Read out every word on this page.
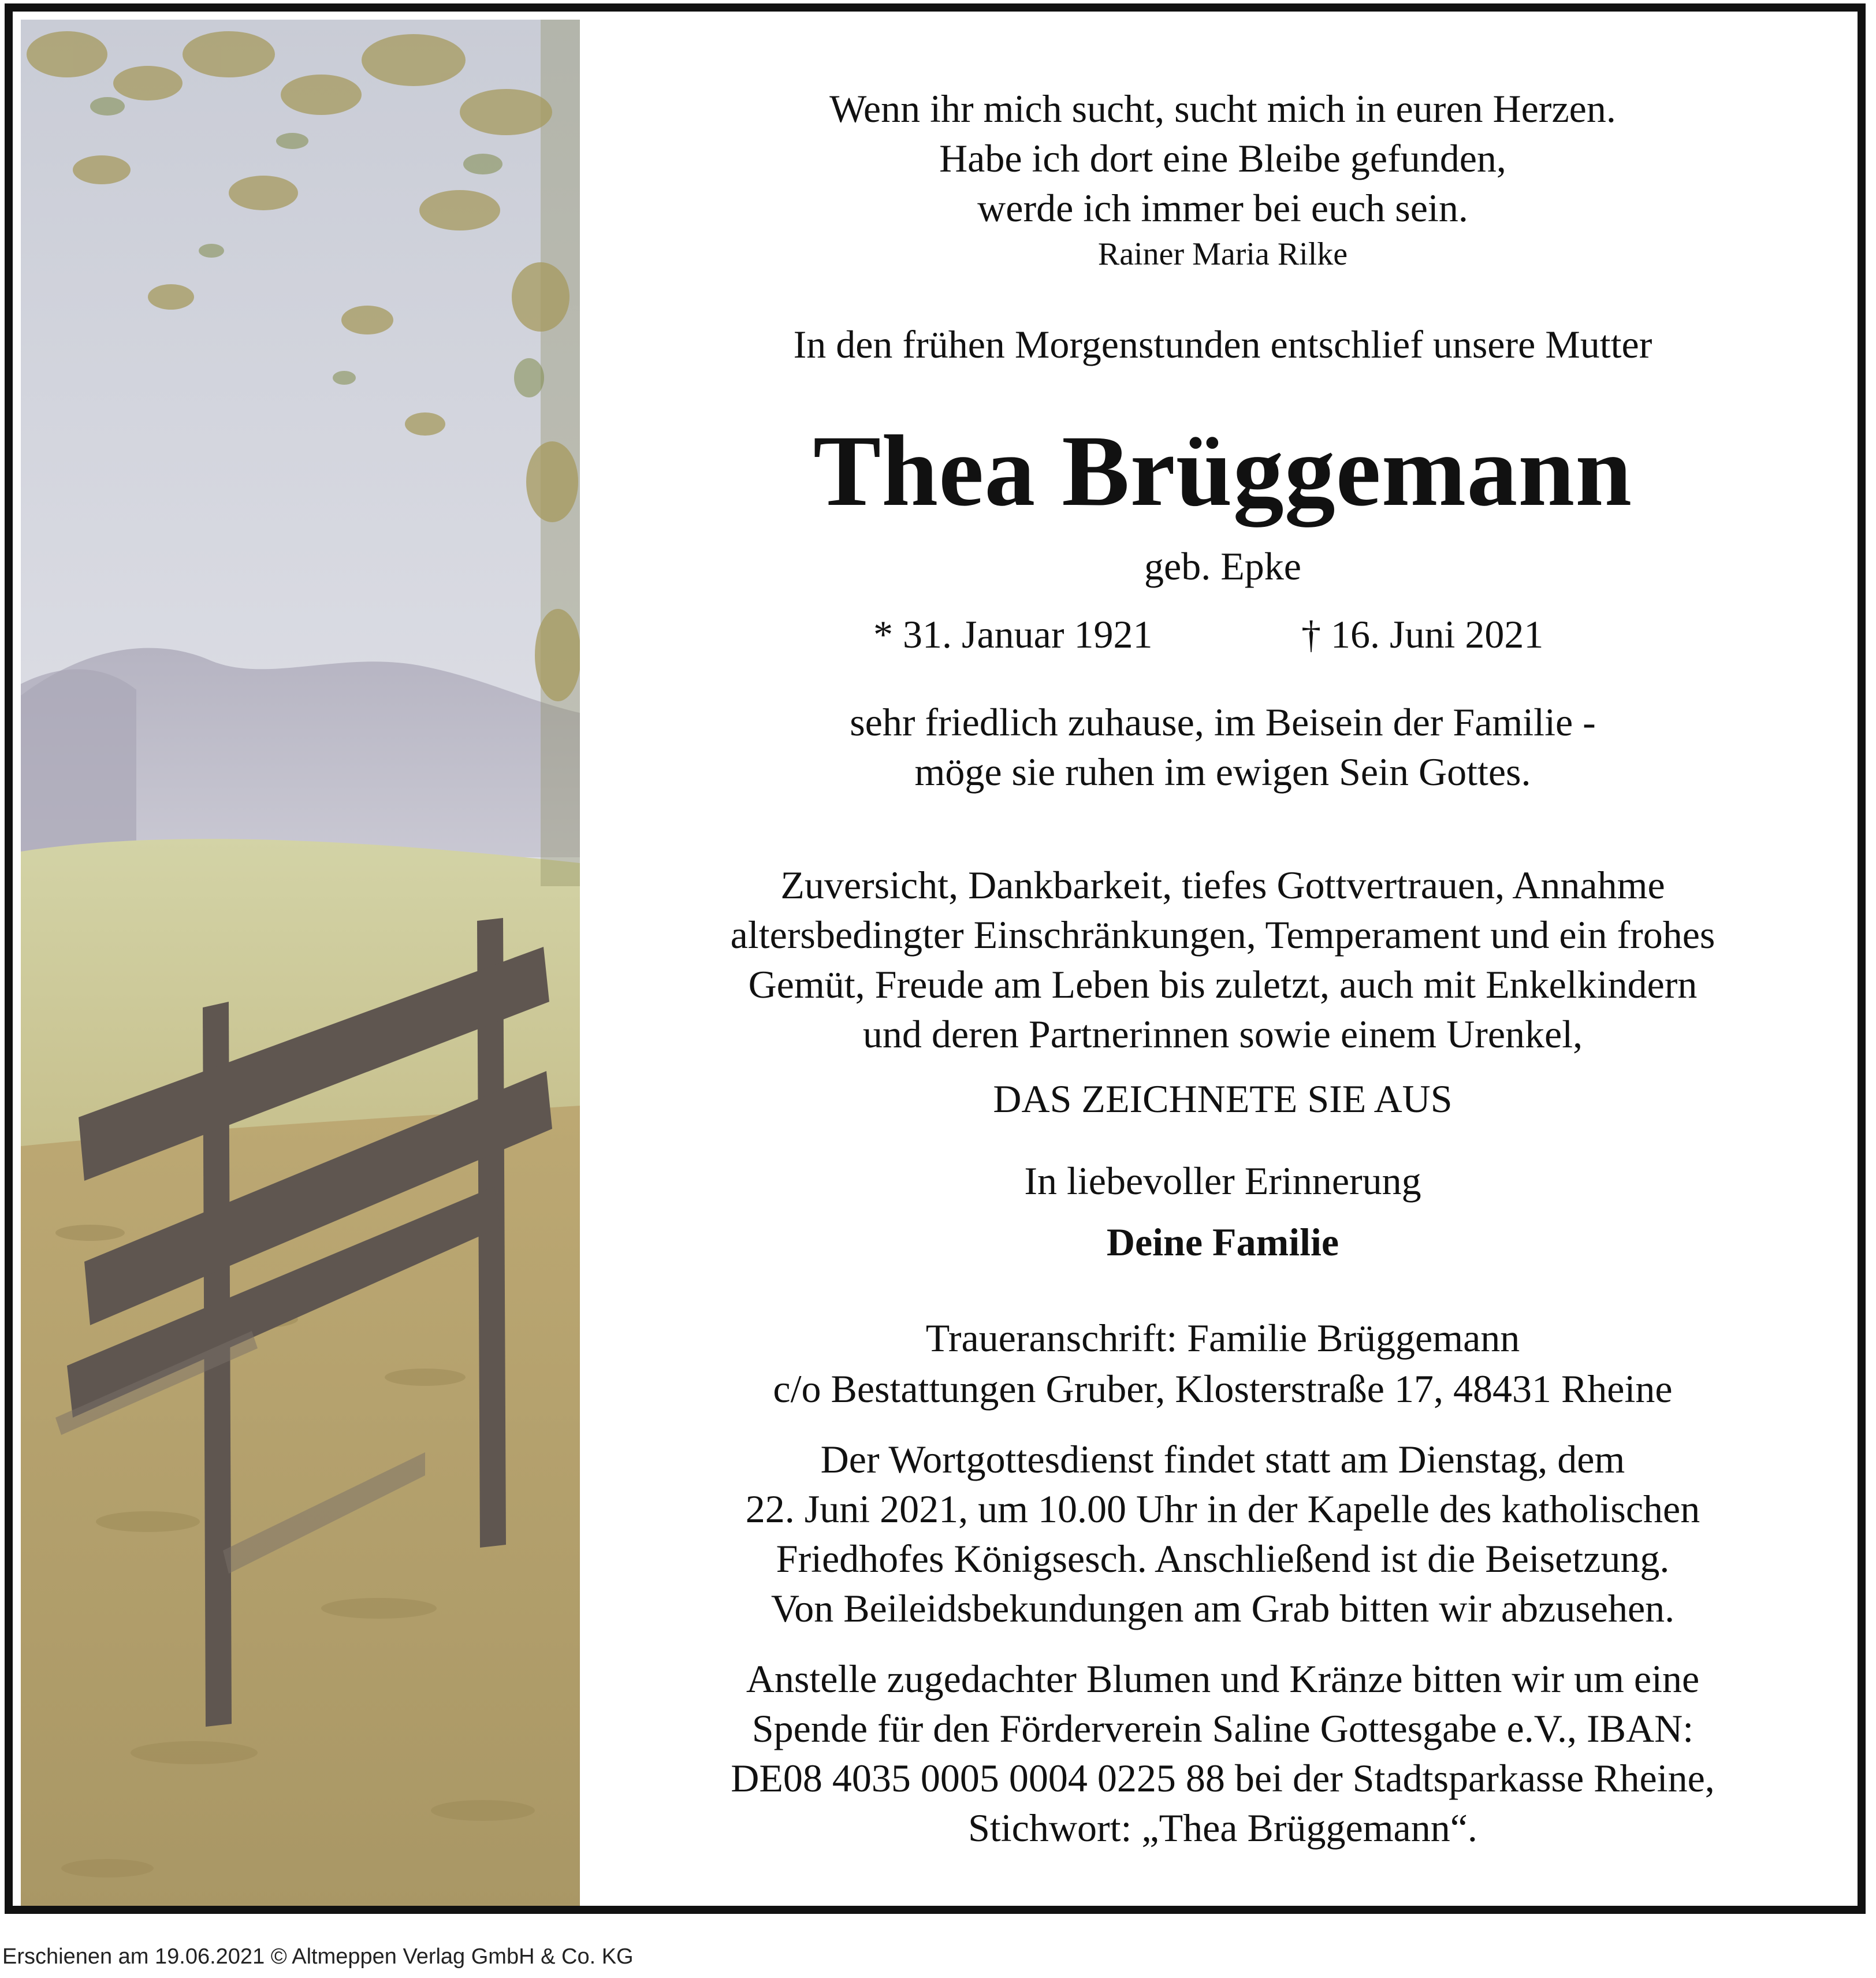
Wenn ihr mich sucht, sucht mich in euren Herzen.
Habe ich dort eine Bleibe gefunden,
werde ich immer bei euch sein.
Rainer Maria Rilke
In den frühen Morgenstunden entschlief unsere Mutter
Thea Brüggemann
geb. Epke
* 31. Januar 1921	† 16. Juni 2021
sehr friedlich zuhause, im Beisein der Familie -
möge sie ruhen im ewigen Sein Gottes.
Zuversicht, Dankbarkeit, tiefes Gottvertrauen, Annahme
altersbedingter Einschränkungen, Temperament und ein frohes
Gemüt, Freude am Leben bis zuletzt, auch mit Enkelkindern
und deren Partnerinnen sowie einem Urenkel,
DAS ZEICHNETE SIE AUS
In liebevoller Erinnerung
Deine Familie
Traueranschrift: Familie Brüggemann
c/o Bestattungen Gruber, Klosterstraße 17, 48431 Rheine
Der Wortgottesdienst findet statt am Dienstag, dem
22. Juni 2021, um 10.00 Uhr in der Kapelle des katholischen
Friedhofes Königsesch. Anschließend ist die Beisetzung.
Von Beileidsbekundungen am Grab bitten wir abzusehen.
Anstelle zugedachter Blumen und Kränze bitten wir um eine
Spende für den Förderverein Saline Gottesgabe e.V., IBAN:
DE08 4035 0005 0004 0225 88 bei der Stadtsparkasse Rheine,
Stichwort: „Thea Brüggemann“.
Erschienen am 19.06.2021 © Altmeppen Verlag GmbH & Co. KG
